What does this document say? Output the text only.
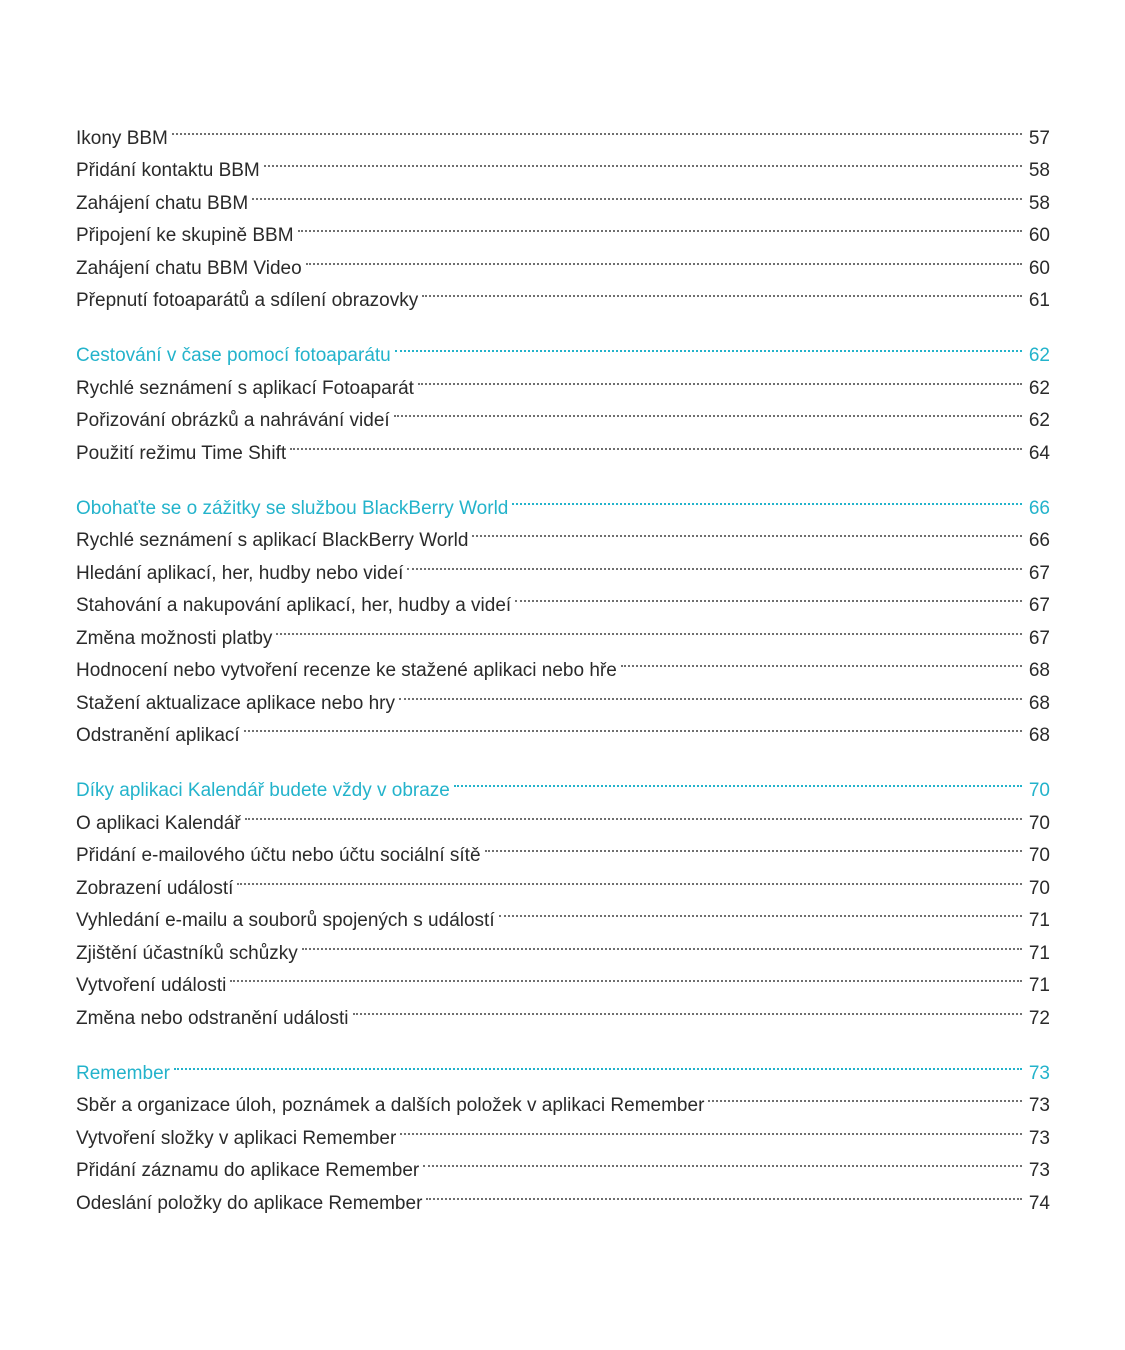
Ikony BBM	57
Přidání kontaktu BBM	58
Zahájení chatu BBM	58
Připojení ke skupině BBM	60
Zahájení chatu BBM Video	60
Přepnutí fotoaparátů a sdílení obrazovky	61
Cestování v čase pomocí fotoaparátu	62
Rychlé seznámení s aplikací Fotoaparát	62
Pořizování obrázků a nahrávání videí	62
Použití režimu Time Shift	64
Obohaťte se o zážitky se službou BlackBerry World	66
Rychlé seznámení s aplikací BlackBerry World	66
Hledání aplikací, her, hudby nebo videí	67
Stahování a nakupování aplikací, her, hudby a videí	67
Změna možnosti platby	67
Hodnocení nebo vytvoření recenze ke stažené aplikaci nebo hře	68
Stažení aktualizace aplikace nebo hry	68
Odstranění aplikací	68
Díky aplikaci Kalendář budete vždy v obraze	70
O aplikaci Kalendář	70
Přidání e-mailového účtu nebo účtu sociální sítě	70
Zobrazení událostí	70
Vyhledání e-mailu a souborů spojených s událostí	71
Zjištění účastníků schůzky	71
Vytvoření události	71
Změna nebo odstranění události	72
Remember	73
Sběr a organizace úloh, poznámek a dalších položek v aplikaci Remember	73
Vytvoření složky v aplikaci Remember	73
Přidání záznamu do aplikace Remember	73
Odeslání položky do aplikace Remember	74
